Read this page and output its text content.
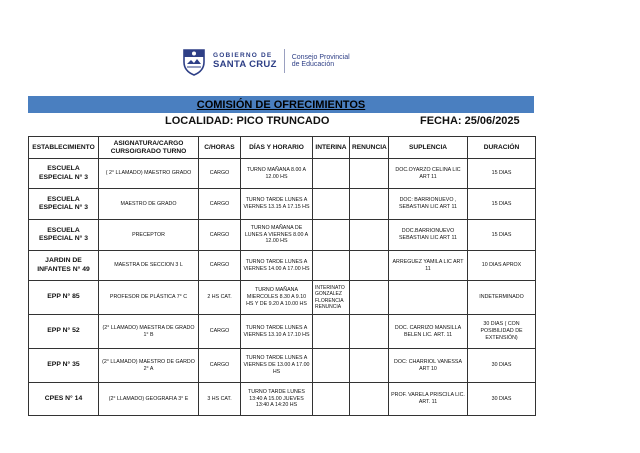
GOBIERNO DE
SANTA CRUZ
Consejo Provincial
de Educación
COMISIÓN DE OFRECIMIENTOS
LOCALIDAD: PICO TRUNCADO	FECHA: 25/06/2025
ESTABLECIMIENTO	ASIGNATURA/CARGO CURSO/GRADO TURNO	C/HORAS	DÍAS Y HORARIO	INTERINA	RENUNCIA	SUPLENCIA	DURACIÓN
ESCUELA ESPECIAL N° 3	( 2° LLAMADO) MAESTRO GRADO	CARGO	TURNO MAÑANA 8.00 A 12.00 HS			DOC.OYARZO CELINA LIC ART 11	15 DIAS
ESCUELA ESPECIAL N° 3	MAESTRO DE GRADO	CARGO	TURNO TARDE LUNES A VIERNES 13.15 A 17.15 HS			DOC: BARRIONUEVO , SEBASTIAN LIC ART 11	15 DIAS
ESCUELA ESPECIAL N° 3	PRECEPTOR	CARGO	TURNO MAÑANA DE LUNES A VIERNES 8.00 A 12.00 HS			DOC.BARRIONUEVO SEBASTIAN LIC ART 11	15 DIAS
JARDIN DE INFANTES N° 49	MAESTRA DE SECCION 3 L	CARGO	TURNO TARDE LUNES A VIERNES 14.00 A 17.00 HS			ARREGUEZ YAMILA LIC ART 11	10 DIAS APROX
EPP N° 85	PROFESOR DE PLÁSTICA 7° C	2 HS CAT.	TURNO MAÑANA MIERCOLES 8.30 A 9.10 HS Y DE 9.20 A 10.00 HS	INTERINATO GONZALEZ FLORENCIA RENUNCIA			INDETERMINADO
EPP N° 52	(2° LLAMADO) MAESTRA DE GRADO 1° B	CARGO	TURNO TARDE LUNES A VIERNES 13.10 A 17.10 HS			DOC. CARRIZO MANSILLA BELEN LIC. ART. 11	30 DIAS ( CON POSIBILIDAD DE EXTENSIÓN)
EPP N° 35	(2° LLAMADO) MAESTRO DE GARDO 2° A	CARGO	TURNO TARDE LUNES A VIERNES DE 13.00 A 17.00 HS			DOC: CHARRIOL VANESSA ART 10	30 DIAS
CPES N° 14	(2° LLAMADO) GEOGRAFIA 3° E	3 HS CAT.	TURNO TARDE LUNES 13:40 A 15.00 JUEVES 13:40 A 14:20 HS			PROF. VARELA PRISCILA LIC. ART. 11	30 DIAS
